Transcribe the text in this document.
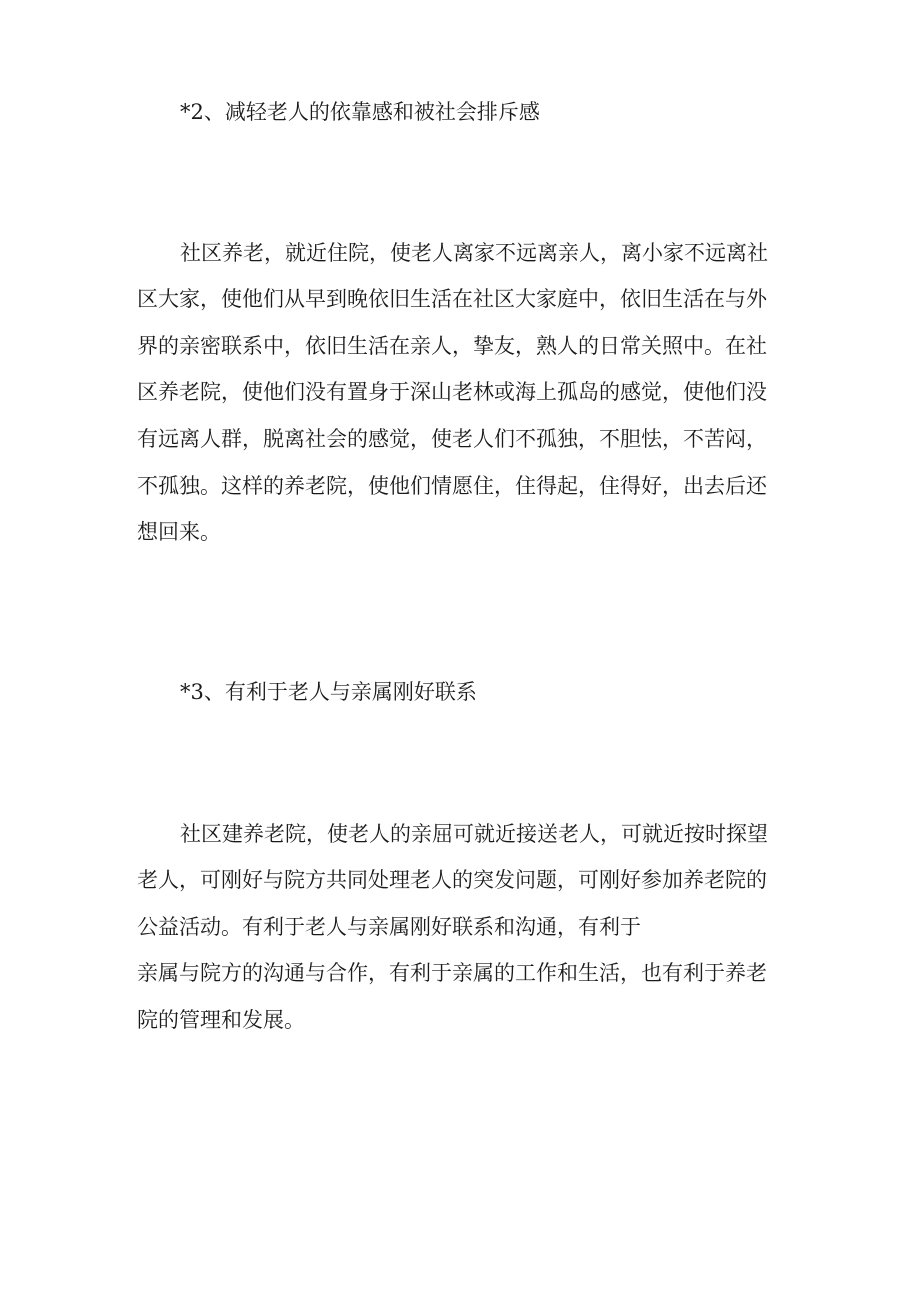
*2、减轻老人的依靠感和被社会排斥感
社区养老，就近住院，使老人离家不远离亲人，离小家不远离社
区大家，使他们从早到晚依旧生活在社区大家庭中，依旧生活在与外
界的亲密联系中，依旧生活在亲人，挚友，熟人的日常关照中。在社
区养老院，使他们没有置身于深山老林或海上孤岛的感觉，使他们没
有远离人群，脱离社会的感觉，使老人们不孤独，不胆怯，不苦闷，
不孤独。这样的养老院，使他们情愿住，住得起，住得好，出去后还
想回来。
*3、有利于老人与亲属刚好联系
社区建养老院，使老人的亲屈可就近接送老人，可就近按时探望
老人，可刚好与院方共同处理老人的突发问题，可刚好参加养老院的
公益活动。有利于老人与亲属刚好联系和沟通，有利于
亲属与院方的沟通与合作，有利于亲属的工作和生活，也有利于养老
院的管理和发展。
